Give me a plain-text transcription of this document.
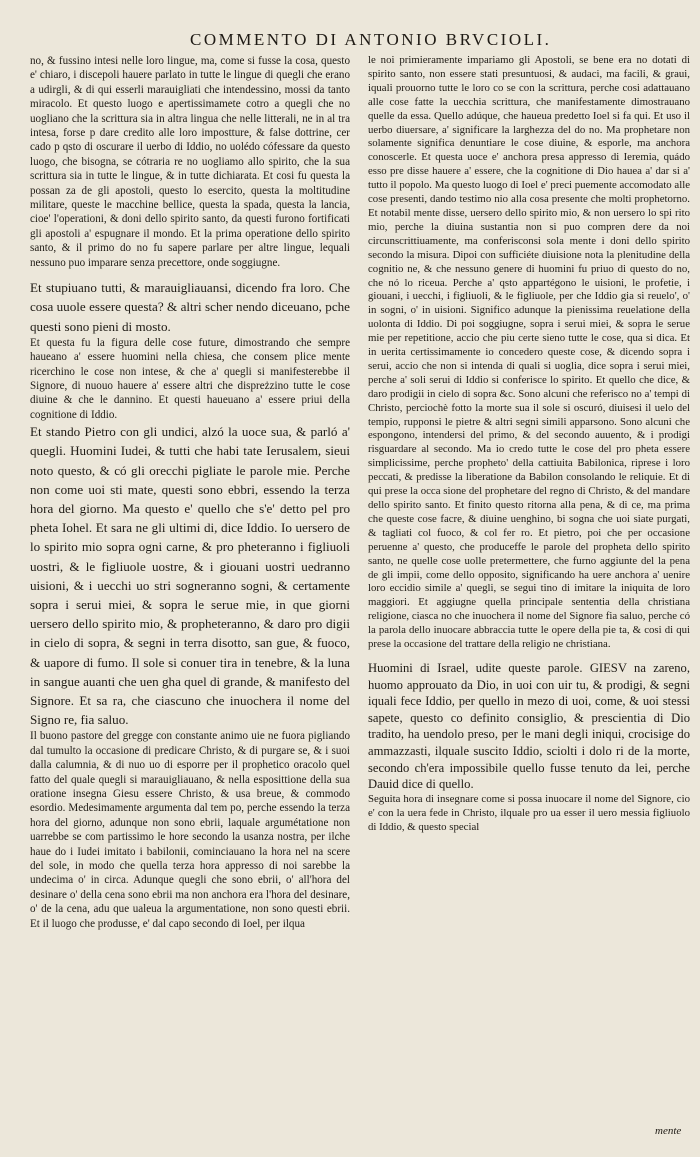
COMMENTO DI ANTONIO BRVCIOLI.

no, & fussino intesi nelle loro lingue, ma, come si fusse la cosa, questo e' chiaro, i discepoli hauere parlato in tutte le lingue di quegli che erano a udirgli, & di qui esserli marauigliati che intendessino, mossi da tanto miracolo. Et questo luogo e apertissimamete cotro a quegli che no uogliano che la scrittura sia in altra lingua che nelle litterali, ne in al tra intesa, forse p dare credito alle loro impostture, & false dottrine, cer cado p qsto di oscurare il uerbo di Iddio, no uolédo cófessare da questo luogo, che bisogna, se cótraria re no uogliamo allo spirito, che la sua scrittura sia in tutte le lingue, & in tutte dichiarata. Et cosi fu questa la possan za de gli apostoli, questo lo esercito, questa la moltitudine militare, queste le macchine bellice, questa la spada, questa la lancia, cioe' l'operationi, & doni dello spirito santo, da questi furono fortificati gli apostoli a' espugnare il mondo. Et la prima operatione dello spirito santo, & il primo do no fu sapere parlare per altre lingue, lequali nessuno puo imparare senza precettore, onde soggiugne.

Et stupiuano tutti, & marauigliauansi, dicendo fra loro. Che cosa uuole essere questa? & altri scher nendo diceuano, pche questi sono pieni di mosto.

Et questa fu la figura delle cose future, dimostrando che sempre haueano a' essere huomini nella chiesa, che consem plice mente ricerchino le cose non intese, & che a' quegli si manifesterebbe il Signore, di nuouo hauere a' essere altri che dispreżzino tutte le cose diuine & che le dannino. Et questi haueuano a' essere priui della cognitione di Iddio.

Et stando Pietro con gli undici, alzó la uoce sua, & parló a' quegli. Huomini Iudei, & tutti che habi tate Ierusalem, sieui noto questo, & có gli orecchi pigliate le parole mie. Perche non come uoi sti mate, questi sono ebbri, essendo la terza hora del giorno. Ma questo e' quello che s'e' detto pel pro pheta Iohel. Et sara ne gli ultimi di, dice Iddio. Io uersero de lo spirito mio sopra ogni carne, & pro pheteranno i figliuoli uostri, & le figliuole uostre, & i giouani uostri uedranno uisioni, & i uecchi uo stri sogneranno sogni, & certamente sopra i serui miei, & sopra le serue mie, in que giorni uersero dello spirito mio, & propheteranno, & daro pro digii in cielo di sopra, & segni in terra disotto, san gue, & fuoco, & uapore di fumo. Il sole si conuer tira in tenebre, & la luna in sangue auanti che uen gha quel di grande, & manifesto del Signore. Et sa ra, che ciascuno che inuochera il nome del Signo re, fia saluo.

Il buono pastore del gregge con constante animo uie ne fuora pigliando dal tumulto la occasione di predicare Christo, & di purgare se, & i suoi dalla calumnia, & di nuo uo di esporre per il prophetico oracolo quel fatto del quale quegli si marauigliauano, & nella esposittione della sua oratione insegna Giesu essere Christo, & usa breue, & commodo esordio. Medesimamente argumenta dal tem po, perche essendo la terza hora del giorno, adunque non sono ebrii, laquale argumétatione non uarrebbe se com partissimo le hore secondo la usanza nostra, per ilche haue do i Iudei imitato i babilonii, cominciauano la hora nel na scere del sole, in modo che quella terza hora appresso di noi sarebbe la undecima o' in circa. Adunque quegli che sono ebrii, o' all'hora del desinare o' della cena sono ebrii ma non anchora era l'hora del desinare, o' de la cena, adu que ualeua la argumentatione, non sono questi ebrii. Et il luogo che produsse, e' dal capo secondo di Ioel, per ilqua

le noi primieramente impariamo gli Apostoli, se bene era no dotati di spirito santo, non essere stati presuntuosi, & audaci, ma facili, & graui, iquali prouorno tutte le loro co se con la scrittura, perche cosi adattauano alle cose fatte la uecchia scrittura, che manifestamente dimostrauano quelle da essa. Quello adúque, che haueua predetto Ioel si fa qui. Et uso il uerbo diuersare, a' significare la larghezza del do no. Ma prophetare non solamente significa denuntiare le cose diuine, & esporle, ma anchora conoscerle. Et questa uoce e' anchora presa appresso di Ieremia, quádo esso pre disse hauere a' essere, che la cognitione di Dio hauea a' dar si a' tutto il popolo. Ma questo luogo di Ioel e' preci puemente accomodato alle cose presenti, dando testimo nio alla cosa presente che molti prophetorno. Et notabil mente disse, uersero dello spirito mio, & non uersero lo spi rito mio, perche la diuina sustantia non si puo compren dere da noi circunscrittiuamente, ma conferisconsi sola mente i doni dello spirito secondo la misura. Dipoi con sufficiéte diuisione nota la plenitudine della cognitio ne, & che nessuno genere di huomini fu priuo di questo do no, che nó lo riceua. Perche a' qsto appartégono le uisioni, le profetie, i giouani, i uecchi, i figliuoli, & le figliuole, per che Iddio gia si reuelo', o' in sogni, o' in uisioni. Significo adunque la pienissima reuelatione della uolonta di Iddio. Di poi soggiugne, sopra i serui miei, & sopra le serue mie per repetitione, accio che piu certe sieno tutte le cose, qua si dica. Et in uerita certissimamente io concedero queste cose, & dicendo sopra i serui, accio che non si intenda di quali si uoglia, dice sopra i serui miei, perche a' soli serui di Iddio si conferisce lo spirito. Et quello che dice, & daro prodigii in cielo di sopra &c. Sono alcuni che referisco no a' tempi di Christo, perciochè fotto la morte sua il sole si oscuró, diuisesi il uelo del tempio, rupponsi le pietre & altri segni simili apparsono. Sono alcuni che espongono, intendersi del primo, & del secondo auuento, & i prodigi risguardare al secondo. Ma io credo tutte le cose del pro pheta essere simplicissime, perche propheto' della cattiuita Babilonica, riprese i loro peccati, & predisse la liberatione da Babilon consolando le reliquie. Et di qui prese la occa sione del prophetare del regno di Christo, & del mandare dello spirito santo. Et finito questo ritorna alla pena, & di ce, ma prima che queste cose facre, & diuine uenghino, bi sogna che uoi siate purgati, & tagliati col fuoco, & col fer ro. Et pietro, poi che per occasione peruenne a' questo, che produceffe le parole del propheta dello spirito santo, ne quelle cose uolle pretermettere, che furno aggiunte del la pena de gli impii, come dello opposito, significando ha uere anchora a' uenire loro eccidio simile a' quegli, se segui tino di imitare la iniquita de loro maggiori. Et aggiugne quella principale sententia della christiana religione, ciasca no che inuochera il nome del Signore fia saluo, perche có la parola dello inuocare abbraccia tutte le opere della pie ta, & cosi di qui prese la occasione del trattare della religio ne christiana.

Huomini di Israel, udite queste parole. GIESV na zareno, huomo approuato da Dio, in uoi con uir tu, & prodigi, & segni iquali fece Iddio, per quello in mezo di uoi, come, & uoi stessi sapete, questo co definito consiglio, & prescientia di Dio tradito, ha uendolo preso, per le mani degli iniqui, crocisige do ammazzasti, ilquale suscito Iddio, sciolti i dolo ri de la morte, secondo ch'era impossibile quello fusse tenuto da lei, perche Dauid dice di quello.

Seguita hora di insegnare come si possa inuocare il nome del Signore, cio e' con la uera fede in Christo, ilquale pro ua esser il uero messia figliuolo di Iddio, & questo special

mente
